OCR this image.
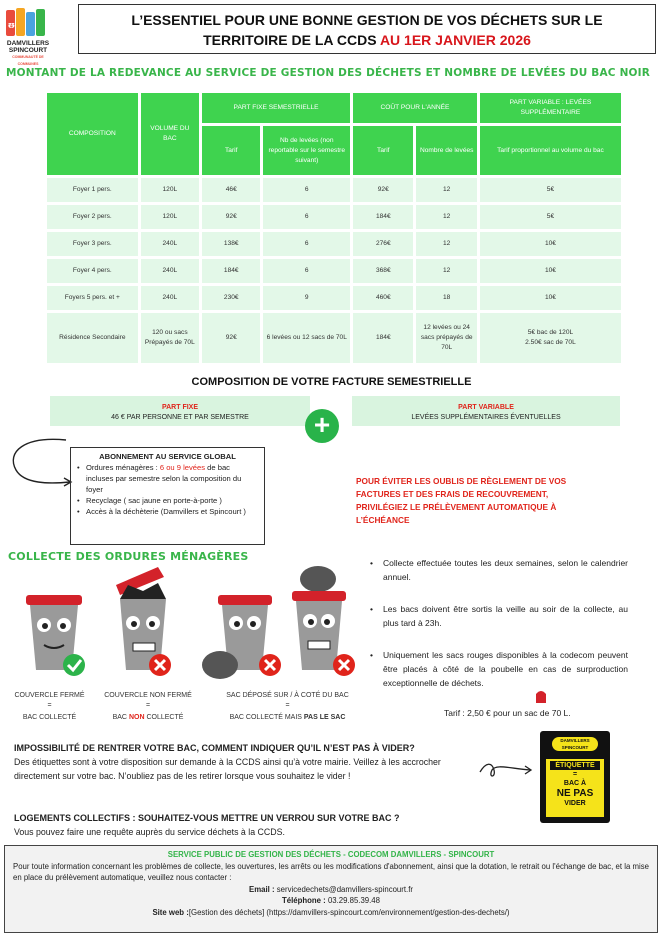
ᵿ
DAMVILLERS SPINCOURT
COMMUNAUTÉ DE COMMUNES
L’ESSENTIEL POUR UNE BONNE GESTION DE VOS DÉCHETS SUR LE
TERRITOIRE DE LA CCDS AU 1ER JANVIER 2026
MONTANT DE LA REDEVANCE AU SERVICE DE GESTION DES DÉCHETS ET NOMBRE DE LEVÉES DU BAC NOIR
COMPOSITION	VOLUME DU BAC	PART FIXE SEMESTRIELLE		COÛT POUR L'ANNÉE		PART VARIABLE : LEVÉES SUPPLÉMENTAIRE
		Tarif	Nb de levées (non reportable sur le semestre suivant)	Tarif	Nombre de levées	Tarif proportionnel au volume du bac
Foyer 1 pers.	120L	46€	6	92€	12	5€
Foyer 2 pers.	120L	92€	6	184€	12	5€
Foyer 3 pers.	240L	138€	6	276€	12	10€
Foyer 4 pers.	240L	184€	6	368€	12	10€
Foyers 5 pers. et +	240L	230€	9	460€	18	10€
Résidence Secondaire	120 ou sacs Prépayés de 70L	92€	6 levées ou 12 sacs de 70L	184€	12 levées ou 24 sacs prépayés de 70L	5€ bac de 120L
2.50€ sac de 70L
COMPOSITION DE VOTRE FACTURE SEMESTRIELLE
PART FIXE
46 € PAR PERSONNE ET PAR SEMESTRE
PART VARIABLE
LEVÉES SUPPLÉMENTAIRES ÉVENTUELLES
+
ABONNEMENT AU SERVICE GLOBAL
• Ordures ménagères : 6 ou 9 levées de bac incluses par semestre selon la composition du foyer
• Recyclage ( sac jaune en porte-à-porte )
• Accès à la déchèterie (Damvillers et Spincourt )
POUR ÉVITER LES OUBLIS DE RÈGLEMENT DE VOS FACTURES ET DES FRAIS DE RECOUVREMENT, PRIVILÉGIEZ LE PRÉLÈVEMENT AUTOMATIQUE À L’ÉCHÉANCE
COLLECTE DES ORDURES MÉNAGÈRES
COUVERCLE FERMÉ	COUVERCLE NON FERMÉ	SAC DÉPOSÉ SUR / À COTÉ DU BAC
=	=	=
BAC COLLECTÉ	BAC NON COLLECTÉ	BAC COLLECTÉ MAIS PAS LE SAC
• Collecte effectuée toutes les deux semaines, selon le calendrier annuel.
• Les bacs doivent être sortis la veille au soir de la collecte, au plus tard à 23h.
• Uniquement les sacs rouges disponibles à la codecom peuvent être placés à côté de la poubelle en cas de surproduction exceptionnelle de déchets.
Tarif : 2,50 € pour un sac de 70 L.
IMPOSSIBILITÉ DE RENTRER VOTRE BAC, COMMENT INDIQUER QU’IL N’EST PAS À VIDER?
Des étiquettes sont à votre disposition sur demande à la CCDS ainsi qu’à votre mairie. Veillez à les accrocher directement sur votre bac. N’oubliez pas de les retirer lorsque vous souhaitez le vider !
DAMVILLERS SPINCOURT
ÉTIQUETTE
=
BAC À
NE PAS
VIDER
LOGEMENTS COLLECTIFS : SOUHAITEZ-VOUS METTRE UN VERROU SUR VOTRE BAC ?
Vous pouvez faire une requête auprès du service déchets à la CCDS.
SERVICE PUBLIC DE GESTION DES DÉCHETS - CODECOM DAMVILLERS - SPINCOURT
Pour toute information concernant les problèmes de collecte, les ouvertures, les arrêts ou les modifications d'abonnement, ainsi que la dotation, le retrait ou l'échange de bac, et la mise en place du prélèvement automatique, veuillez nous contacter :
Email : servicedechets@damvillers-spincourt.fr
Téléphone : 03.29.85.39.48
Site web :[Gestion des déchets] (https://damvillers-spincourt.com/environnement/gestion-des-dechets/)
